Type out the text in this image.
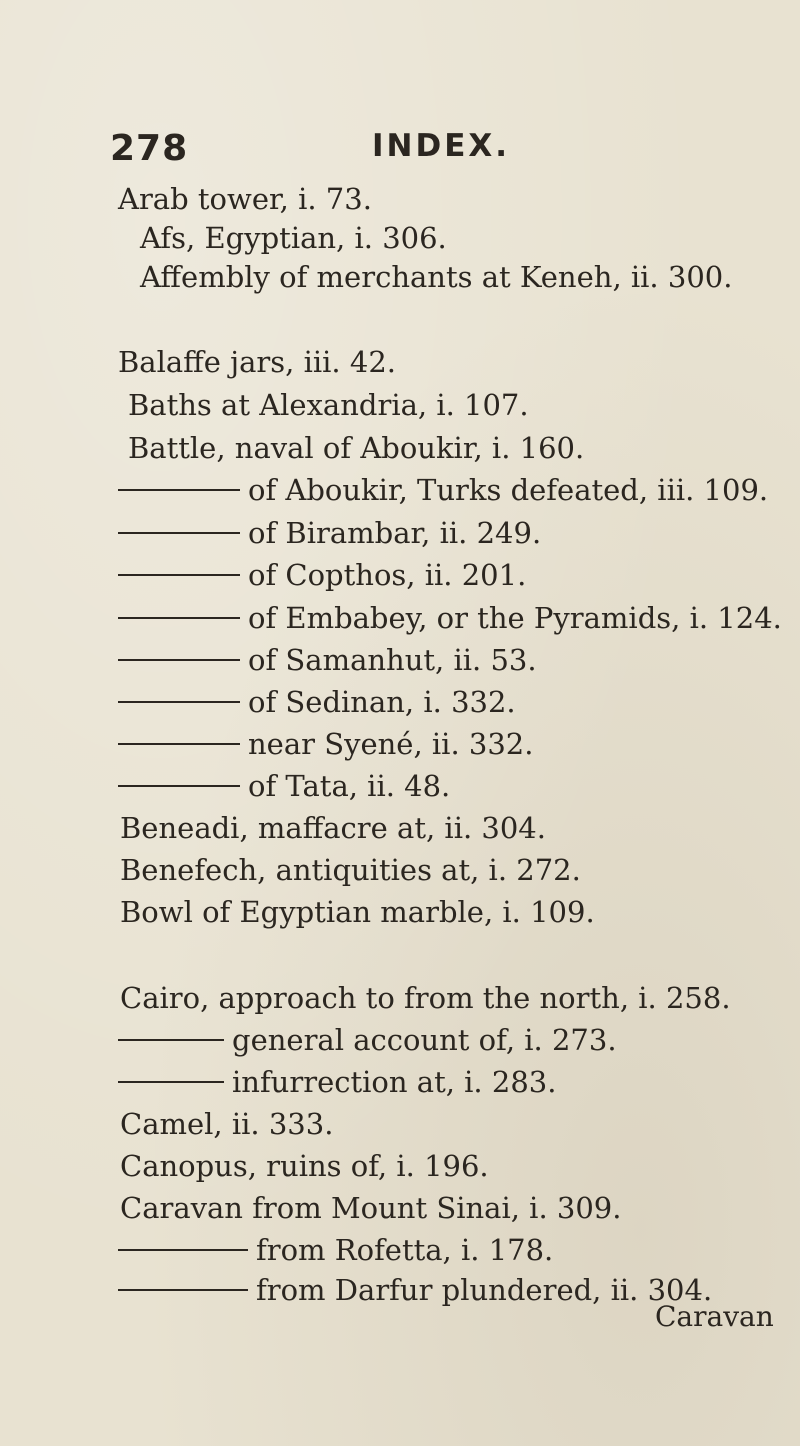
278	INDEX.
Arab tower, i. 73.
Afs, Egyptian, i. 306.
Affembly of merchants at Keneh, ii. 300.
Balaffe jars, iii. 42.
Baths at Alexandria, i. 107.
Battle, naval of Aboukir, i. 160.
of Aboukir, Turks defeated, iii. 109.
of Birambar, ii. 249.
of Copthos, ii. 201.
of Embabey, or the Pyramids, i. 124.
of Samanhut, ii. 53.
of Sedinan, i. 332.
near Syené, ii. 332.
of Tata, ii. 48.
Beneadi, maffacre at, ii. 304.
Benefech, antiquities at, i. 272.
Bowl of Egyptian marble, i. 109.
Cairo, approach to from the north, i. 258.
general account of, i. 273.
infurrection at, i. 283.
Camel, ii. 333.
Canopus, ruins of, i. 196.
Caravan from Mount Sinai, i. 309.
from Rofetta, i. 178.
from Darfur plundered, ii. 304.
Caravan
